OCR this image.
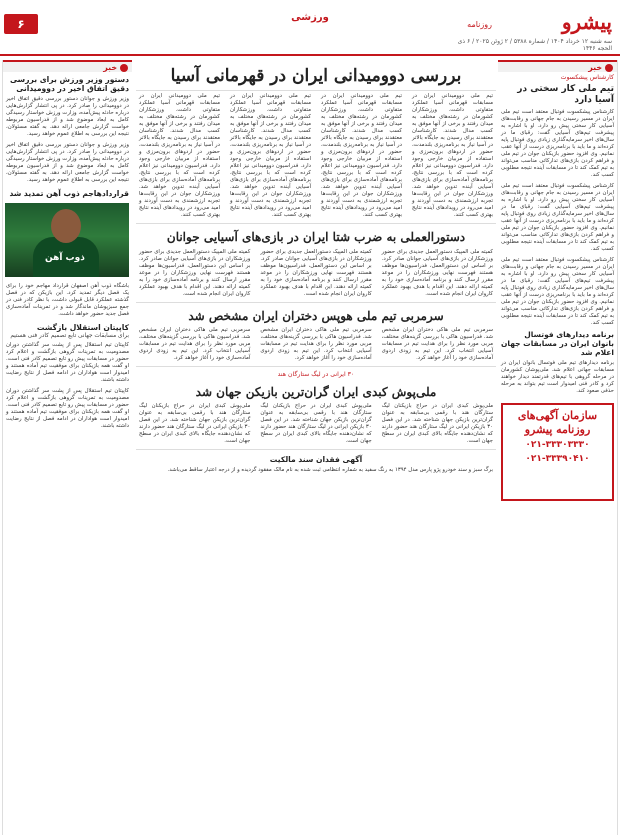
۶	ورزشی	پیشرو
روزنامه
سه شنبه ۱۲ خرداد ۱۴۰۴ / شماره ۵۳۸۸ / ۲ ژوئن ۲۰۲۵ / ۶ ذی الحجه ۱۴۴۶
خبر
دستور وزیر ورزش برای بررسی دقیق اتفاق اخیر در دوومیدانی
وزیر ورزش و جوانان دستور بررسی دقیق اتفاق اخیر در دوومیدانی را صادر کرد. در پی انتشار گزارش‌هایی درباره حادثه پیش‌آمده، وزارت ورزش خواستار رسیدگی کامل به ابعاد موضوع شد و از فدراسیون مربوطه خواست گزارش جامعی ارائه دهد. به گفته مسئولان، نتیجه این بررسی به اطلاع عموم خواهد رسید.
وزیر ورزش و جوانان دستور بررسی دقیق اتفاق اخیر در دوومیدانی را صادر کرد. در پی انتشار گزارش‌هایی درباره حادثه پیش‌آمده، وزارت ورزش خواستار رسیدگی کامل به ابعاد موضوع شد و از فدراسیون مربوطه خواست گزارش جامعی ارائه دهد. به گفته مسئولان، نتیجه این بررسی به اطلاع عموم خواهد رسید.
قراردادهاجم ذوب آهن تمدید شد
ذوب آهن
باشگاه ذوب آهن اصفهان قرارداد مهاجم خود را برای یک فصل دیگر تمدید کرد. این بازیکن که در فصل گذشته عملکرد قابل قبولی داشت، با نظر کادر فنی در جمع سبزپوشان ماندگار شد و در تمرینات آماده‌سازی فصل جدید حضور خواهد داشت.
کاپیتان استقلال بازگشت
برای مسابقات جهانی تابع تصمیم کادر فنی هستیم
کاپیتان تیم استقلال پس از پشت سر گذاشتن دوران مصدومیت به تمرینات گروهی بازگشت و اعلام کرد حضور در مسابقات پیش رو تابع تصمیم کادر فنی است. او گفت همه بازیکنان برای موفقیت تیم آماده هستند و امیدوار است هواداران در ادامه فصل از نتایج رضایت داشته باشند.
کاپیتان تیم استقلال پس از پشت سر گذاشتن دوران مصدومیت به تمرینات گروهی بازگشت و اعلام کرد حضور در مسابقات پیش رو تابع تصمیم کادر فنی است. او گفت همه بازیکنان برای موفقیت تیم آماده هستند و امیدوار است هواداران در ادامه فصل از نتایج رضایت داشته باشند.
بررسی دوومیدانی ایران در قهرمانی آسیا
تیم ملی دوومیدانی ایران در مسابقات قهرمانی آسیا عملکرد متفاوتی داشت. ورزشکاران کشورمان در رشته‌های مختلف به میدان رفتند و برخی از آنها موفق به کسب مدال شدند. کارشناسان معتقدند برای رسیدن به جایگاه بالاتر در آسیا نیاز به برنامه‌ریزی بلندمدت، حضور در اردوهای برون‌مرزی و استفاده از مربیان خارجی وجود دارد. فدراسیون دوومیدانی نیز اعلام کرده است که با بررسی نتایج، برنامه‌های آماده‌سازی برای بازی‌های آسیایی آینده تدوین خواهد شد. ورزشکاران جوان در این رقابت‌ها تجربه ارزشمندی به دست آوردند و امید می‌رود در رویدادهای آینده نتایج بهتری کسب کنند.
تیم ملی دوومیدانی ایران در مسابقات قهرمانی آسیا عملکرد متفاوتی داشت. ورزشکاران کشورمان در رشته‌های مختلف به میدان رفتند و برخی از آنها موفق به کسب مدال شدند. کارشناسان معتقدند برای رسیدن به جایگاه بالاتر در آسیا نیاز به برنامه‌ریزی بلندمدت، حضور در اردوهای برون‌مرزی و استفاده از مربیان خارجی وجود دارد. فدراسیون دوومیدانی نیز اعلام کرده است که با بررسی نتایج، برنامه‌های آماده‌سازی برای بازی‌های آسیایی آینده تدوین خواهد شد. ورزشکاران جوان در این رقابت‌ها تجربه ارزشمندی به دست آوردند و امید می‌رود در رویدادهای آینده نتایج بهتری کسب کنند.
تیم ملی دوومیدانی ایران در مسابقات قهرمانی آسیا عملکرد متفاوتی داشت. ورزشکاران کشورمان در رشته‌های مختلف به میدان رفتند و برخی از آنها موفق به کسب مدال شدند. کارشناسان معتقدند برای رسیدن به جایگاه بالاتر در آسیا نیاز به برنامه‌ریزی بلندمدت، حضور در اردوهای برون‌مرزی و استفاده از مربیان خارجی وجود دارد. فدراسیون دوومیدانی نیز اعلام کرده است که با بررسی نتایج، برنامه‌های آماده‌سازی برای بازی‌های آسیایی آینده تدوین خواهد شد. ورزشکاران جوان در این رقابت‌ها تجربه ارزشمندی به دست آوردند و امید می‌رود در رویدادهای آینده نتایج بهتری کسب کنند.
تیم ملی دوومیدانی ایران در مسابقات قهرمانی آسیا عملکرد متفاوتی داشت. ورزشکاران کشورمان در رشته‌های مختلف به میدان رفتند و برخی از آنها موفق به کسب مدال شدند. کارشناسان معتقدند برای رسیدن به جایگاه بالاتر در آسیا نیاز به برنامه‌ریزی بلندمدت، حضور در اردوهای برون‌مرزی و استفاده از مربیان خارجی وجود دارد. فدراسیون دوومیدانی نیز اعلام کرده است که با بررسی نتایج، برنامه‌های آماده‌سازی برای بازی‌های آسیایی آینده تدوین خواهد شد. ورزشکاران جوان در این رقابت‌ها تجربه ارزشمندی به دست آوردند و امید می‌رود در رویدادهای آینده نتایج بهتری کسب کنند.
دستورالعملی به ضرب شتا ایران در بازی‌های آسیایی جوانان
کمیته ملی المپیک دستورالعمل جدیدی برای حضور ورزشکاران در بازی‌های آسیایی جوانان صادر کرد. بر اساس این دستورالعمل، فدراسیون‌ها موظف هستند فهرست نهایی ورزشکاران را در موعد مقرر ارسال کنند و برنامه آماده‌سازی خود را به کمیته ارائه دهند. این اقدام با هدف بهبود عملکرد کاروان ایران انجام شده است.
کمیته ملی المپیک دستورالعمل جدیدی برای حضور ورزشکاران در بازی‌های آسیایی جوانان صادر کرد. بر اساس این دستورالعمل، فدراسیون‌ها موظف هستند فهرست نهایی ورزشکاران را در موعد مقرر ارسال کنند و برنامه آماده‌سازی خود را به کمیته ارائه دهند. این اقدام با هدف بهبود عملکرد کاروان ایران انجام شده است.
کمیته ملی المپیک دستورالعمل جدیدی برای حضور ورزشکاران در بازی‌های آسیایی جوانان صادر کرد. بر اساس این دستورالعمل، فدراسیون‌ها موظف هستند فهرست نهایی ورزشکاران را در موعد مقرر ارسال کنند و برنامه آماده‌سازی خود را به کمیته ارائه دهند. این اقدام با هدف بهبود عملکرد کاروان ایران انجام شده است.
سرمربی تیم ملی هوپس دختران ایران مشخص شد
سرمربی تیم ملی هاکی دختران ایران مشخص شد. فدراسیون هاکی با بررسی گزینه‌های مختلف، مربی مورد نظر را برای هدایت تیم در مسابقات آسیایی انتخاب کرد. این تیم به زودی اردوی آماده‌سازی خود را آغاز خواهد کرد.
سرمربی تیم ملی هاکی دختران ایران مشخص شد. فدراسیون هاکی با بررسی گزینه‌های مختلف، مربی مورد نظر را برای هدایت تیم در مسابقات آسیایی انتخاب کرد. این تیم به زودی اردوی آماده‌سازی خود را آغاز خواهد کرد.
سرمربی تیم ملی هاکی دختران ایران مشخص شد. فدراسیون هاکی با بررسی گزینه‌های مختلف، مربی مورد نظر را برای هدایت تیم در مسابقات آسیایی انتخاب کرد. این تیم به زودی اردوی آماده‌سازی خود را آغاز خواهد کرد.
۳۰ ایرانی در لیگ ستارگان هند
ملی‌پوش کبدی ایران گران‌ترین بازیکن جهان شد
ملی‌پوش کبدی ایران در حراج بازیکنان لیگ ستارگان هند با رقمی بی‌سابقه به عنوان گران‌ترین بازیکن جهان شناخته شد. در این فصل ۳۰ بازیکن ایرانی در لیگ ستارگان هند حضور دارند که نشان‌دهنده جایگاه بالای کبدی ایران در سطح جهان است.
ملی‌پوش کبدی ایران در حراج بازیکنان لیگ ستارگان هند با رقمی بی‌سابقه به عنوان گران‌ترین بازیکن جهان شناخته شد. در این فصل ۳۰ بازیکن ایرانی در لیگ ستارگان هند حضور دارند که نشان‌دهنده جایگاه بالای کبدی ایران در سطح جهان است.
ملی‌پوش کبدی ایران در حراج بازیکنان لیگ ستارگان هند با رقمی بی‌سابقه به عنوان گران‌ترین بازیکن جهان شناخته شد. در این فصل ۳۰ بازیکن ایرانی در لیگ ستارگان هند حضور دارند که نشان‌دهنده جایگاه بالای کبدی ایران در سطح جهان است.
آگهی فقدان سند مالکیت
برگ سبز و سند خودرو پژو پارس مدل ۱۳۹۴ به رنگ سفید به شماره انتظامی ثبت شده به نام مالک مفقود گردیده و از درجه اعتبار ساقط می‌باشد.
خبر
کارشناس پیشکسوت
تیم ملی کار سختی در آسیا دارد
کارشناس پیشکسوت فوتبال معتقد است تیم ملی ایران در مسیر رسیدن به جام جهانی و رقابت‌های آسیایی کار سختی پیش رو دارد. او با اشاره به پیشرفت تیم‌های آسیایی گفت: رقبای ما در سال‌های اخیر سرمایه‌گذاری زیادی روی فوتبال پایه کرده‌اند و ما باید با برنامه‌ریزی درست از آنها عقب نمانیم. وی افزود حضور بازیکنان جوان در تیم ملی و فراهم کردن بازی‌های تدارکاتی مناسب می‌تواند به تیم کمک کند تا در مسابقات آینده نتیجه مطلوبی کسب کند.
کارشناس پیشکسوت فوتبال معتقد است تیم ملی ایران در مسیر رسیدن به جام جهانی و رقابت‌های آسیایی کار سختی پیش رو دارد. او با اشاره به پیشرفت تیم‌های آسیایی گفت: رقبای ما در سال‌های اخیر سرمایه‌گذاری زیادی روی فوتبال پایه کرده‌اند و ما باید با برنامه‌ریزی درست از آنها عقب نمانیم. وی افزود حضور بازیکنان جوان در تیم ملی و فراهم کردن بازی‌های تدارکاتی مناسب می‌تواند به تیم کمک کند تا در مسابقات آینده نتیجه مطلوبی کسب کند.
کارشناس پیشکسوت فوتبال معتقد است تیم ملی ایران در مسیر رسیدن به جام جهانی و رقابت‌های آسیایی کار سختی پیش رو دارد. او با اشاره به پیشرفت تیم‌های آسیایی گفت: رقبای ما در سال‌های اخیر سرمایه‌گذاری زیادی روی فوتبال پایه کرده‌اند و ما باید با برنامه‌ریزی درست از آنها عقب نمانیم. وی افزود حضور بازیکنان جوان در تیم ملی و فراهم کردن بازی‌های تدارکاتی مناسب می‌تواند به تیم کمک کند تا در مسابقات آینده نتیجه مطلوبی کسب کند.
برنامه دیدارهای فوتسال بانوان ایران در مسابقات جهان اعلام شد
برنامه دیدارهای تیم ملی فوتسال بانوان ایران در مسابقات جهانی اعلام شد. ملی‌پوشان کشورمان در مرحله گروهی با تیم‌های قدرتمند دیدار خواهند کرد و کادر فنی امیدوار است تیم بتواند به مرحله حذفی صعود کند.
سازمان آگهی‌های روزنامه پیشرو
۰۲۱-۳۳۳۰۳۳۳۰
۰۲۱-۳۳۳۹۰۴۱۰
